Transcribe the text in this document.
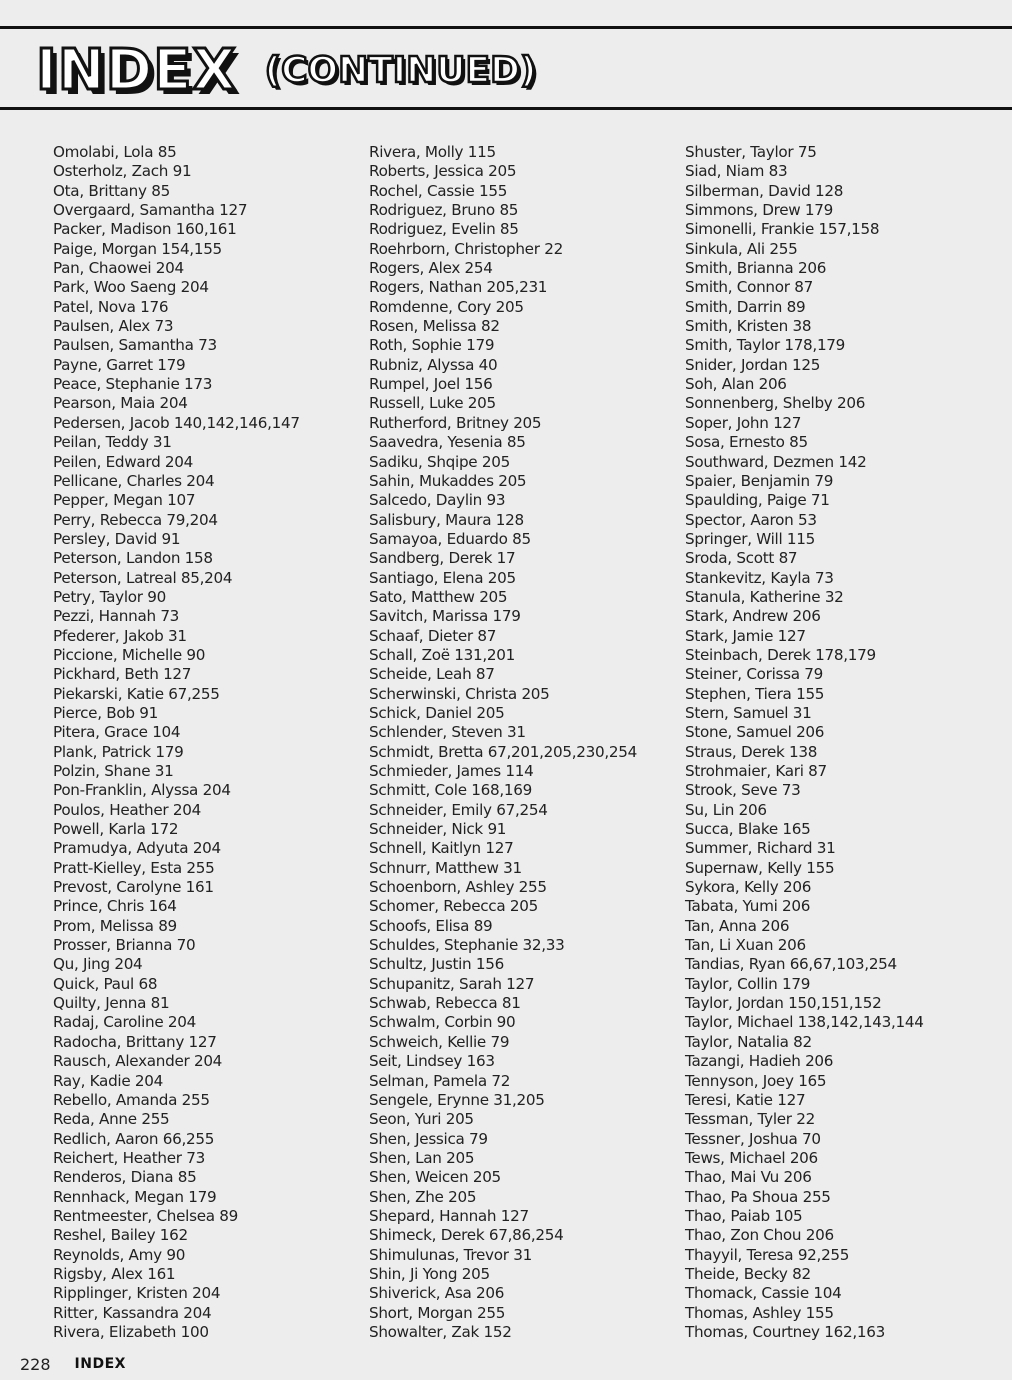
INDEX (CONTINUED)
Omolabi, Lola 85
Osterholz, Zach 91
Ota, Brittany 85
Overgaard, Samantha 127
Packer, Madison 160,161
Paige, Morgan 154,155
Pan, Chaowei 204
Park, Woo Saeng 204
Patel, Nova 176
Paulsen, Alex 73
Paulsen, Samantha 73
Payne, Garret 179
Peace, Stephanie 173
Pearson, Maia 204
Pedersen, Jacob 140,142,146,147
Peilan, Teddy 31
Peilen, Edward 204
Pellicane, Charles 204
Pepper, Megan 107
Perry, Rebecca 79,204
Persley, David 91
Peterson, Landon 158
Peterson, Latreal 85,204
Petry, Taylor 90
Pezzi, Hannah 73
Pfederer, Jakob 31
Piccione, Michelle 90
Pickhard, Beth 127
Piekarski, Katie 67,255
Pierce, Bob 91
Pitera, Grace 104
Plank, Patrick 179
Polzin, Shane 31
Pon-Franklin, Alyssa 204
Poulos, Heather 204
Powell, Karla 172
Pramudya, Adyuta 204
Pratt-Kielley, Esta 255
Prevost, Carolyne 161
Prince, Chris 164
Prom, Melissa 89
Prosser, Brianna 70
Qu, Jing 204
Quick, Paul 68
Quilty, Jenna 81
Radaj, Caroline 204
Radocha, Brittany 127
Rausch, Alexander 204
Ray, Kadie 204
Rebello, Amanda 255
Reda, Anne 255
Redlich, Aaron 66,255
Reichert, Heather 73
Renderos, Diana 85
Rennhack, Megan 179
Rentmeester, Chelsea 89
Reshel, Bailey 162
Reynolds, Amy 90
Rigsby, Alex 161
Ripplinger, Kristen 204
Ritter, Kassandra 204
Rivera, Elizabeth 100
Rivera, Molly 115
Roberts, Jessica 205
Rochel, Cassie 155
Rodriguez, Bruno 85
Rodriguez, Evelin 85
Roehrborn, Christopher 22
Rogers, Alex 254
Rogers, Nathan 205,231
Romdenne, Cory 205
Rosen, Melissa 82
Roth, Sophie 179
Rubniz, Alyssa 40
Rumpel, Joel 156
Russell, Luke 205
Rutherford, Britney 205
Saavedra, Yesenia 85
Sadiku, Shqipe 205
Sahin, Mukaddes 205
Salcedo, Daylin 93
Salisbury, Maura 128
Samayoa, Eduardo 85
Sandberg, Derek 17
Santiago, Elena 205
Sato, Matthew 205
Savitch, Marissa 179
Schaaf, Dieter 87
Schall, Zoë 131,201
Scheide, Leah 87
Scherwinski, Christa 205
Schick, Daniel 205
Schlender, Steven 31
Schmidt, Bretta 67,201,205,230,254
Schmieder, James 114
Schmitt, Cole 168,169
Schneider, Emily 67,254
Schneider, Nick 91
Schnell, Kaitlyn 127
Schnurr, Matthew 31
Schoenborn, Ashley 255
Schomer, Rebecca 205
Schoofs, Elisa 89
Schuldes, Stephanie 32,33
Schultz, Justin 156
Schupanitz, Sarah 127
Schwab, Rebecca 81
Schwalm, Corbin 90
Schweich, Kellie 79
Seit, Lindsey 163
Selman, Pamela 72
Sengele, Erynne 31,205
Seon, Yuri 205
Shen, Jessica 79
Shen, Lan 205
Shen, Weicen 205
Shen, Zhe 205
Shepard, Hannah 127
Shimeck, Derek 67,86,254
Shimulunas, Trevor 31
Shin, Ji Yong 205
Shiverick, Asa 206
Short, Morgan 255
Showalter, Zak 152
Shuster, Taylor 75
Siad, Niam 83
Silberman, David 128
Simmons, Drew 179
Simonelli, Frankie 157,158
Sinkula, Ali 255
Smith, Brianna 206
Smith, Connor 87
Smith, Darrin 89
Smith, Kristen 38
Smith, Taylor 178,179
Snider, Jordan 125
Soh, Alan 206
Sonnenberg, Shelby 206
Soper, John 127
Sosa, Ernesto 85
Southward, Dezmen 142
Spaier, Benjamin 79
Spaulding, Paige 71
Spector, Aaron 53
Springer, Will 115
Sroda, Scott 87
Stankevitz, Kayla 73
Stanula, Katherine 32
Stark, Andrew 206
Stark, Jamie 127
Steinbach, Derek 178,179
Steiner, Corissa 79
Stephen, Tiera 155
Stern, Samuel 31
Stone, Samuel 206
Straus, Derek 138
Strohmaier, Kari 87
Strook, Seve 73
Su, Lin 206
Succa, Blake 165
Summer, Richard 31
Supernaw, Kelly 155
Sykora, Kelly 206
Tabata, Yumi 206
Tan, Anna 206
Tan, Li Xuan 206
Tandias, Ryan 66,67,103,254
Taylor, Collin 179
Taylor, Jordan 150,151,152
Taylor, Michael 138,142,143,144
Taylor, Natalia 82
Tazangi, Hadieh 206
Tennyson, Joey 165
Teresi, Katie 127
Tessman, Tyler 22
Tessner, Joshua 70
Tews, Michael 206
Thao, Mai Vu 206
Thao, Pa Shoua 255
Thao, Paiab 105
Thao, Zon Chou 206
Thayyil, Teresa 92,255
Theide, Becky 82
Thomack, Cassie 104
Thomas, Ashley 155
Thomas, Courtney 162,163
228 INDEX
